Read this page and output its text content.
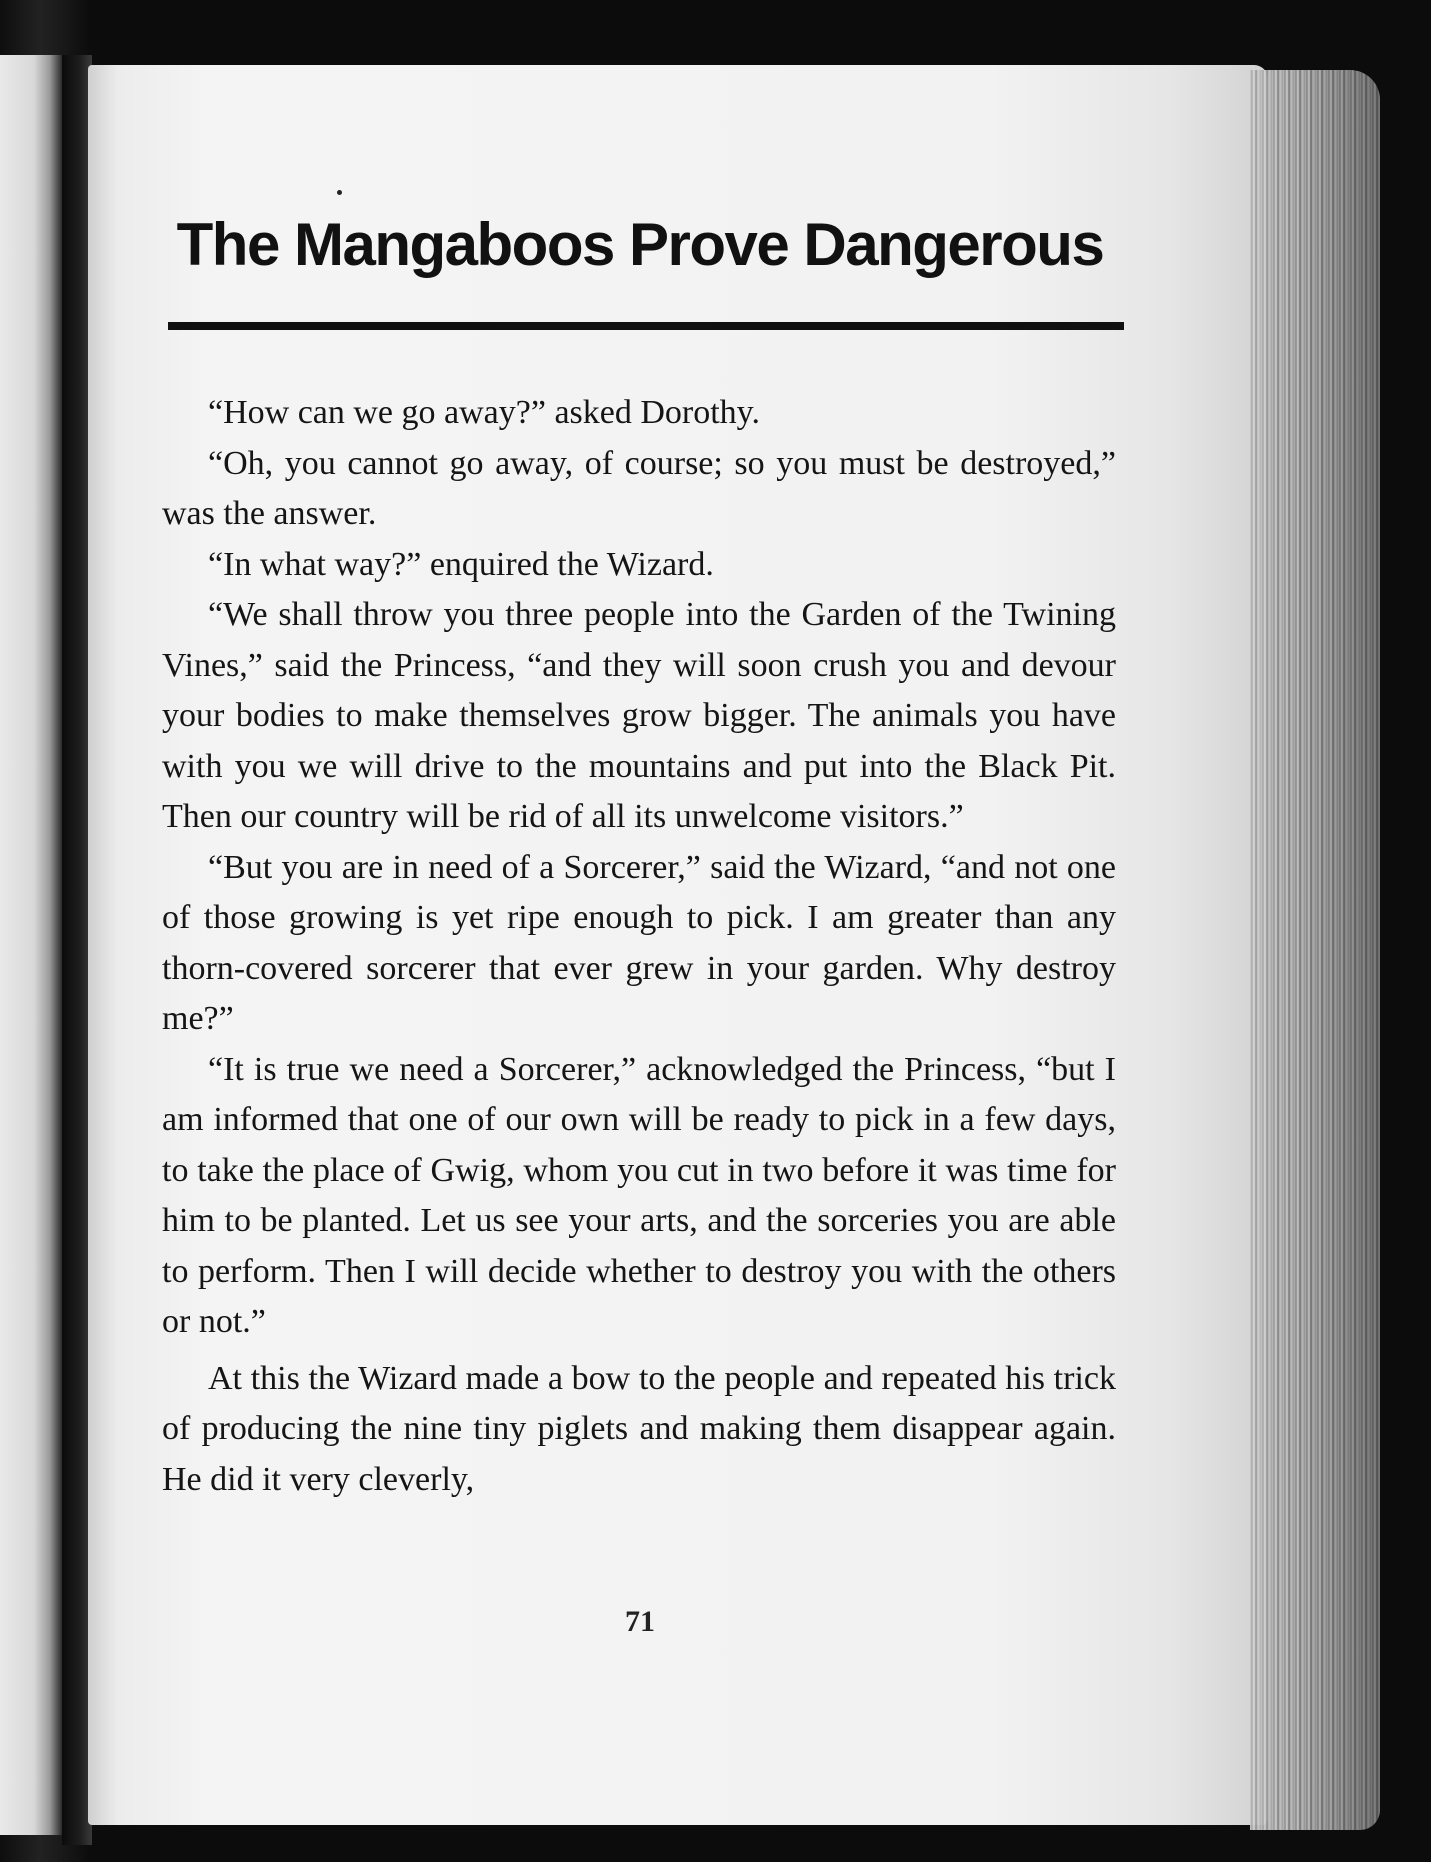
The Mangaboos Prove Dangerous

“How can we go away?” asked Dorothy.

“Oh, you cannot go away, of course; so you must be destroyed,” was the answer.

“In what way?” enquired the Wizard.

“We shall throw you three people into the Garden of the Twining Vines,” said the Princess, “and they will soon crush you and devour your bodies to make themselves grow bigger. The animals you have with you we will drive to the mountains and put into the Black Pit. Then our country will be rid of all its unwelcome visitors.”

“But you are in need of a Sorcerer,” said the Wizard, “and not one of those growing is yet ripe enough to pick. I am greater than any thorn-covered sorcerer that ever grew in your garden. Why destroy me?”

“It is true we need a Sorcerer,” acknowledged the Princess, “but I am informed that one of our own will be ready to pick in a few days, to take the place of Gwig, whom you cut in two before it was time for him to be planted. Let us see your arts, and the sorceries you are able to perform. Then I will decide whether to destroy you with the others or not.”

At this the Wizard made a bow to the people and repeated his trick of producing the nine tiny piglets and making them disappear again. He did it very cleverly,

71
